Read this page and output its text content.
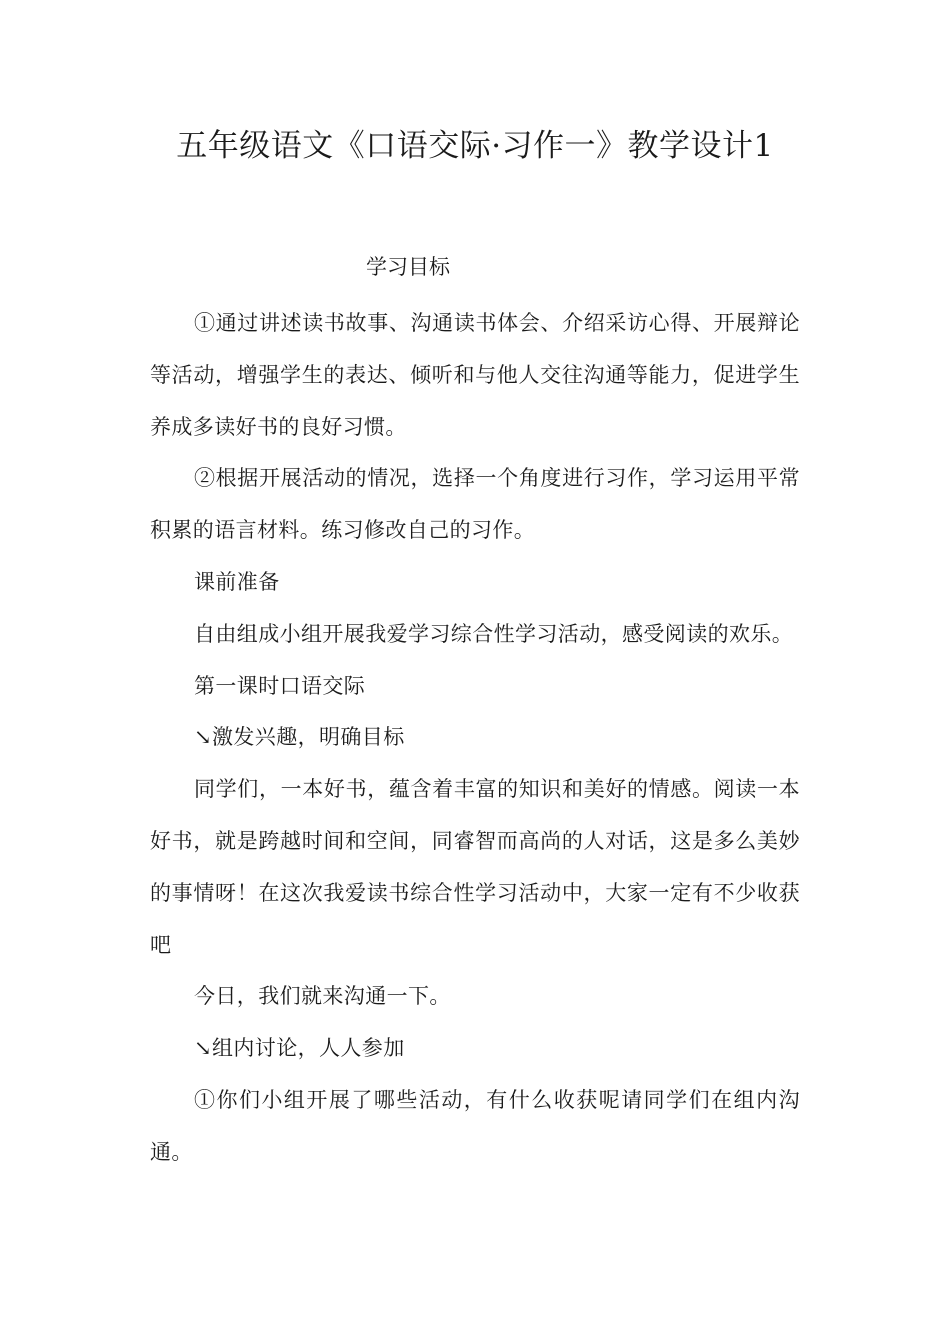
五年级语文《口语交际·习作一》教学设计1
学习目标

①通过讲述读书故事、沟通读书体会、介绍采访心得、开展辩论等活动，增强学生的表达、倾听和与他人交往沟通等能力，促进学生养成多读好书的良好习惯。

②根据开展活动的情况，选择一个角度进行习作，学习运用平常积累的语言材料。练习修改自己的习作。

课前准备

自由组成小组开展我爱学习综合性学习活动，感受阅读的欢乐。

第一课时口语交际

↘激发兴趣，明确目标

同学们，一本好书，蕴含着丰富的知识和美好的情感。阅读一本好书，就是跨越时间和空间，同睿智而高尚的人对话，这是多么美妙的事情呀！在这次我爱读书综合性学习活动中，大家一定有不少收获吧

今日，我们就来沟通一下。

↘组内讨论，人人参加

①你们小组开展了哪些活动，有什么收获呢请同学们在组内沟通。
